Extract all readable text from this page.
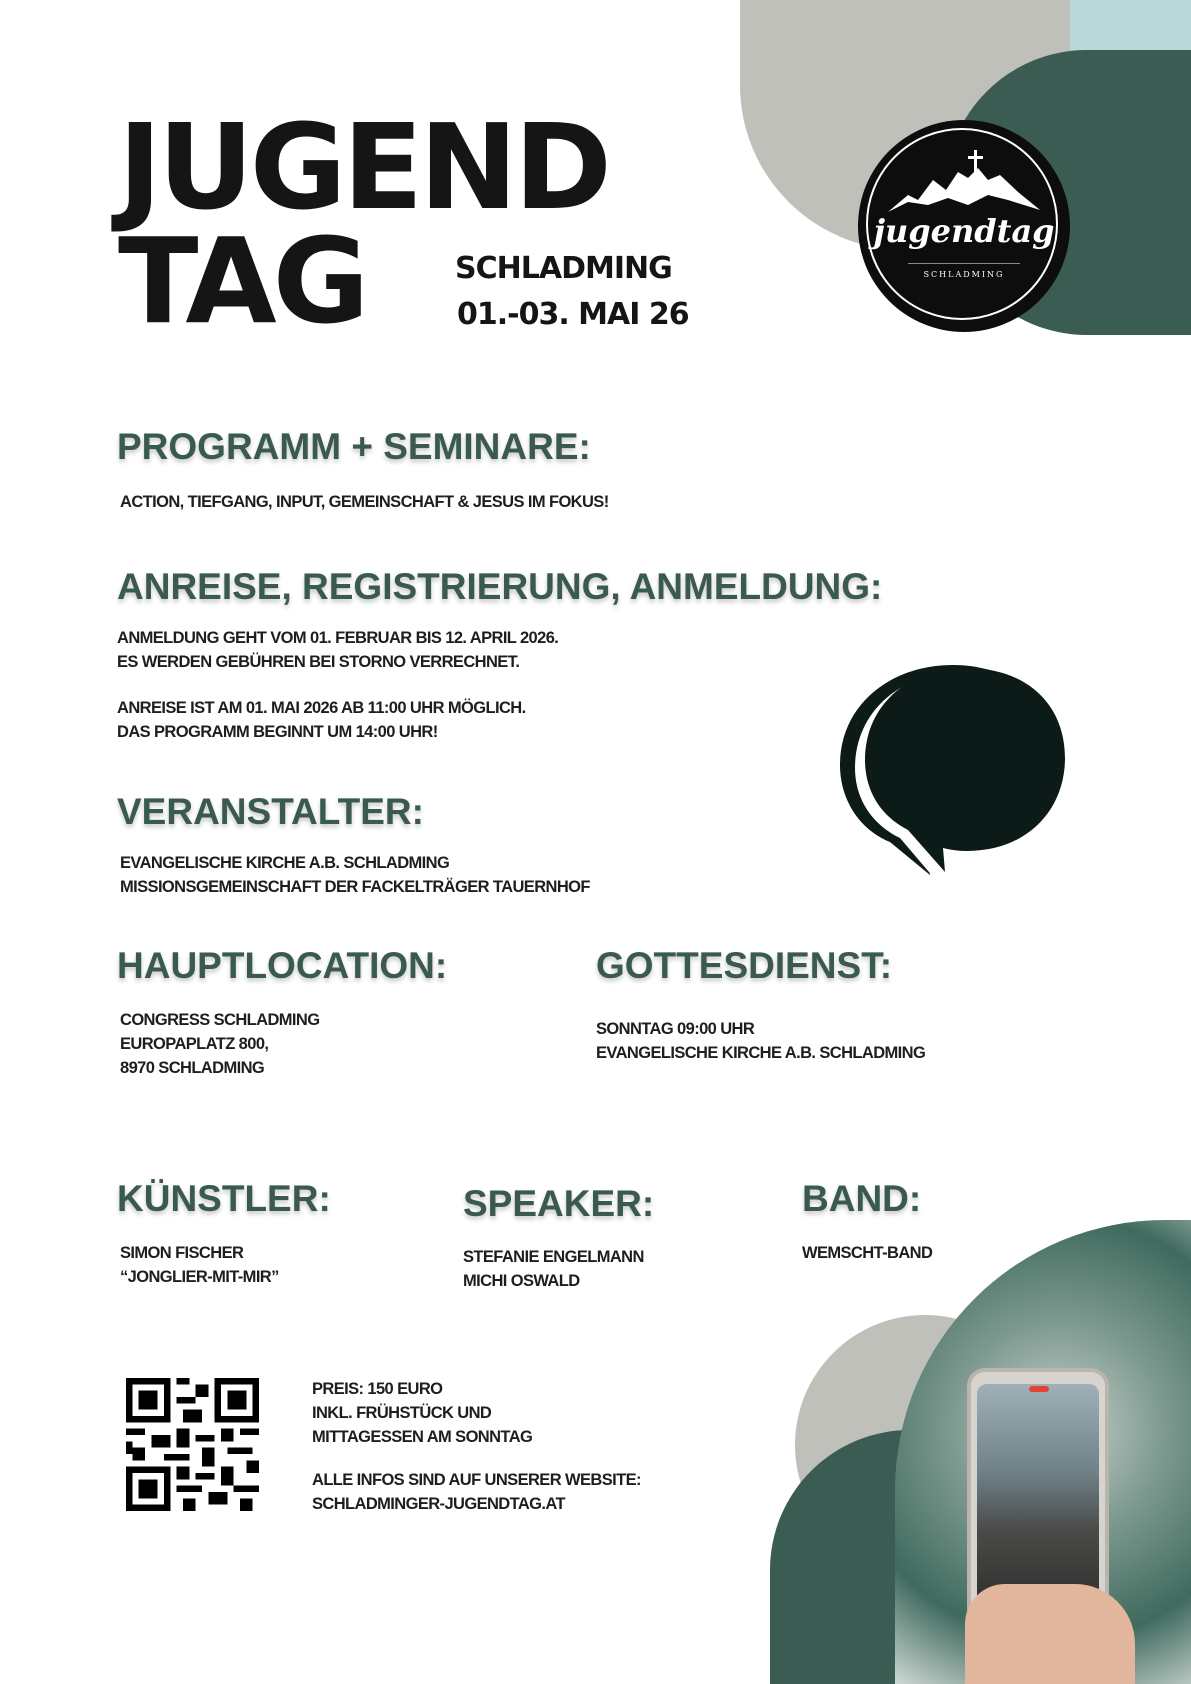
jugendtag
SCHLADMING
JUGEND
TAG	SCHLADMING
01.-03. MAI 26
PROGRAMM + SEMINARE:
ACTION, TIEFGANG, INPUT, GEMEINSCHAFT & JESUS IM FOKUS!
ANREISE, REGISTRIERUNG, ANMELDUNG:
ANMELDUNG GEHT VOM 01. FEBRUAR BIS 12. APRIL 2026.
ES WERDEN GEBÜHREN BEI STORNO VERRECHNET.
ANREISE IST AM 01. MAI 2026 AB 11:00 UHR MÖGLICH.
DAS PROGRAMM BEGINNT UM 14:00 UHR!
VERANSTALTER:
EVANGELISCHE KIRCHE A.B. SCHLADMING
MISSIONSGEMEINSCHAFT DER FACKELTRÄGER TAUERNHOF
HAUPTLOCATION:
CONGRESS SCHLADMING
EUROPAPLATZ 800,
8970 SCHLADMING
GOTTESDIENST:
SONNTAG 09:00 UHR
EVANGELISCHE KIRCHE A.B. SCHLADMING
KÜNSTLER:
SIMON FISCHER
“JONGLIER-MIT-MIR”
SPEAKER:
STEFANIE ENGELMANN
MICHI OSWALD
BAND:
WEMSCHT-BAND
PREIS: 150 EURO
INKL. FRÜHSTÜCK UND
MITTAGESSEN AM SONNTAG
ALLE INFOS SIND AUF UNSERER WEBSITE:
SCHLADMINGER-JUGENDTAG.AT
